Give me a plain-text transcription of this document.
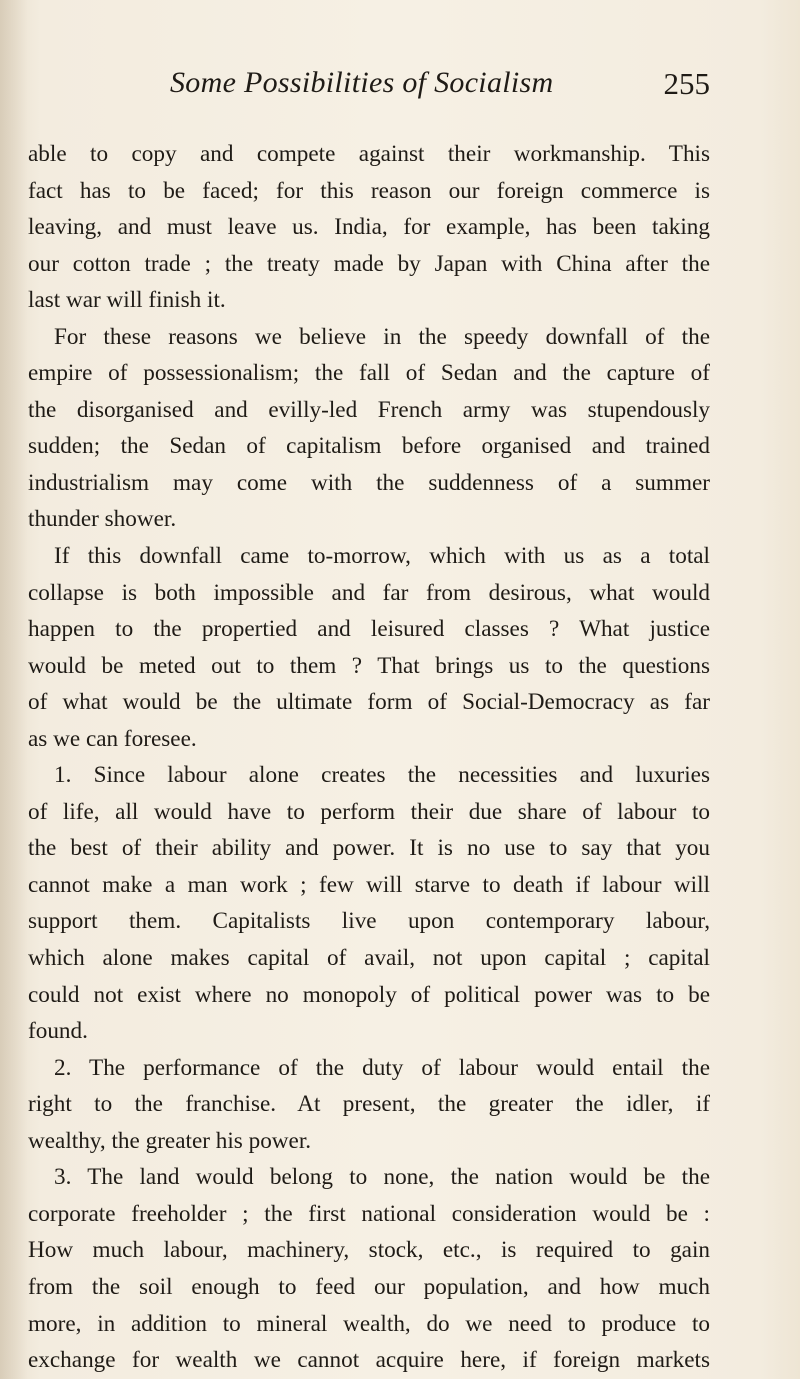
Some Possibilities of Socialism	255
able to copy and compete against their workmanship. This
fact has to be faced; for this reason our foreign commerce is
leaving, and must leave us. India, for example, has been taking
our cotton trade ; the treaty made by Japan with China after the
last war will finish it.
For these reasons we believe in the speedy downfall of the
empire of possessionalism; the fall of Sedan and the capture of
the disorganised and evilly-led French army was stupendously
sudden; the Sedan of capitalism before organised and trained
industrialism may come with the suddenness of a summer
thunder shower.
If this downfall came to-morrow, which with us as a total
collapse is both impossible and far from desirous, what would
happen to the propertied and leisured classes ? What justice
would be meted out to them ? That brings us to the questions
of what would be the ultimate form of Social-Democracy as far
as we can foresee.
1. Since labour alone creates the necessities and luxuries
of life, all would have to perform their due share of labour to
the best of their ability and power. It is no use to say that you
cannot make a man work ; few will starve to death if labour will
support them. Capitalists live upon contemporary labour,
which alone makes capital of avail, not upon capital ; capital
could not exist where no monopoly of political power was to be
found.
2. The performance of the duty of labour would entail the
right to the franchise. At present, the greater the idler, if
wealthy, the greater his power.
3. The land would belong to none, the nation would be the
corporate freeholder ; the first national consideration would be :
How much labour, machinery, stock, etc., is required to gain
from the soil enough to feed our population, and how much
more, in addition to mineral wealth, do we need to produce to
exchange for wealth we cannot acquire here, if foreign markets
